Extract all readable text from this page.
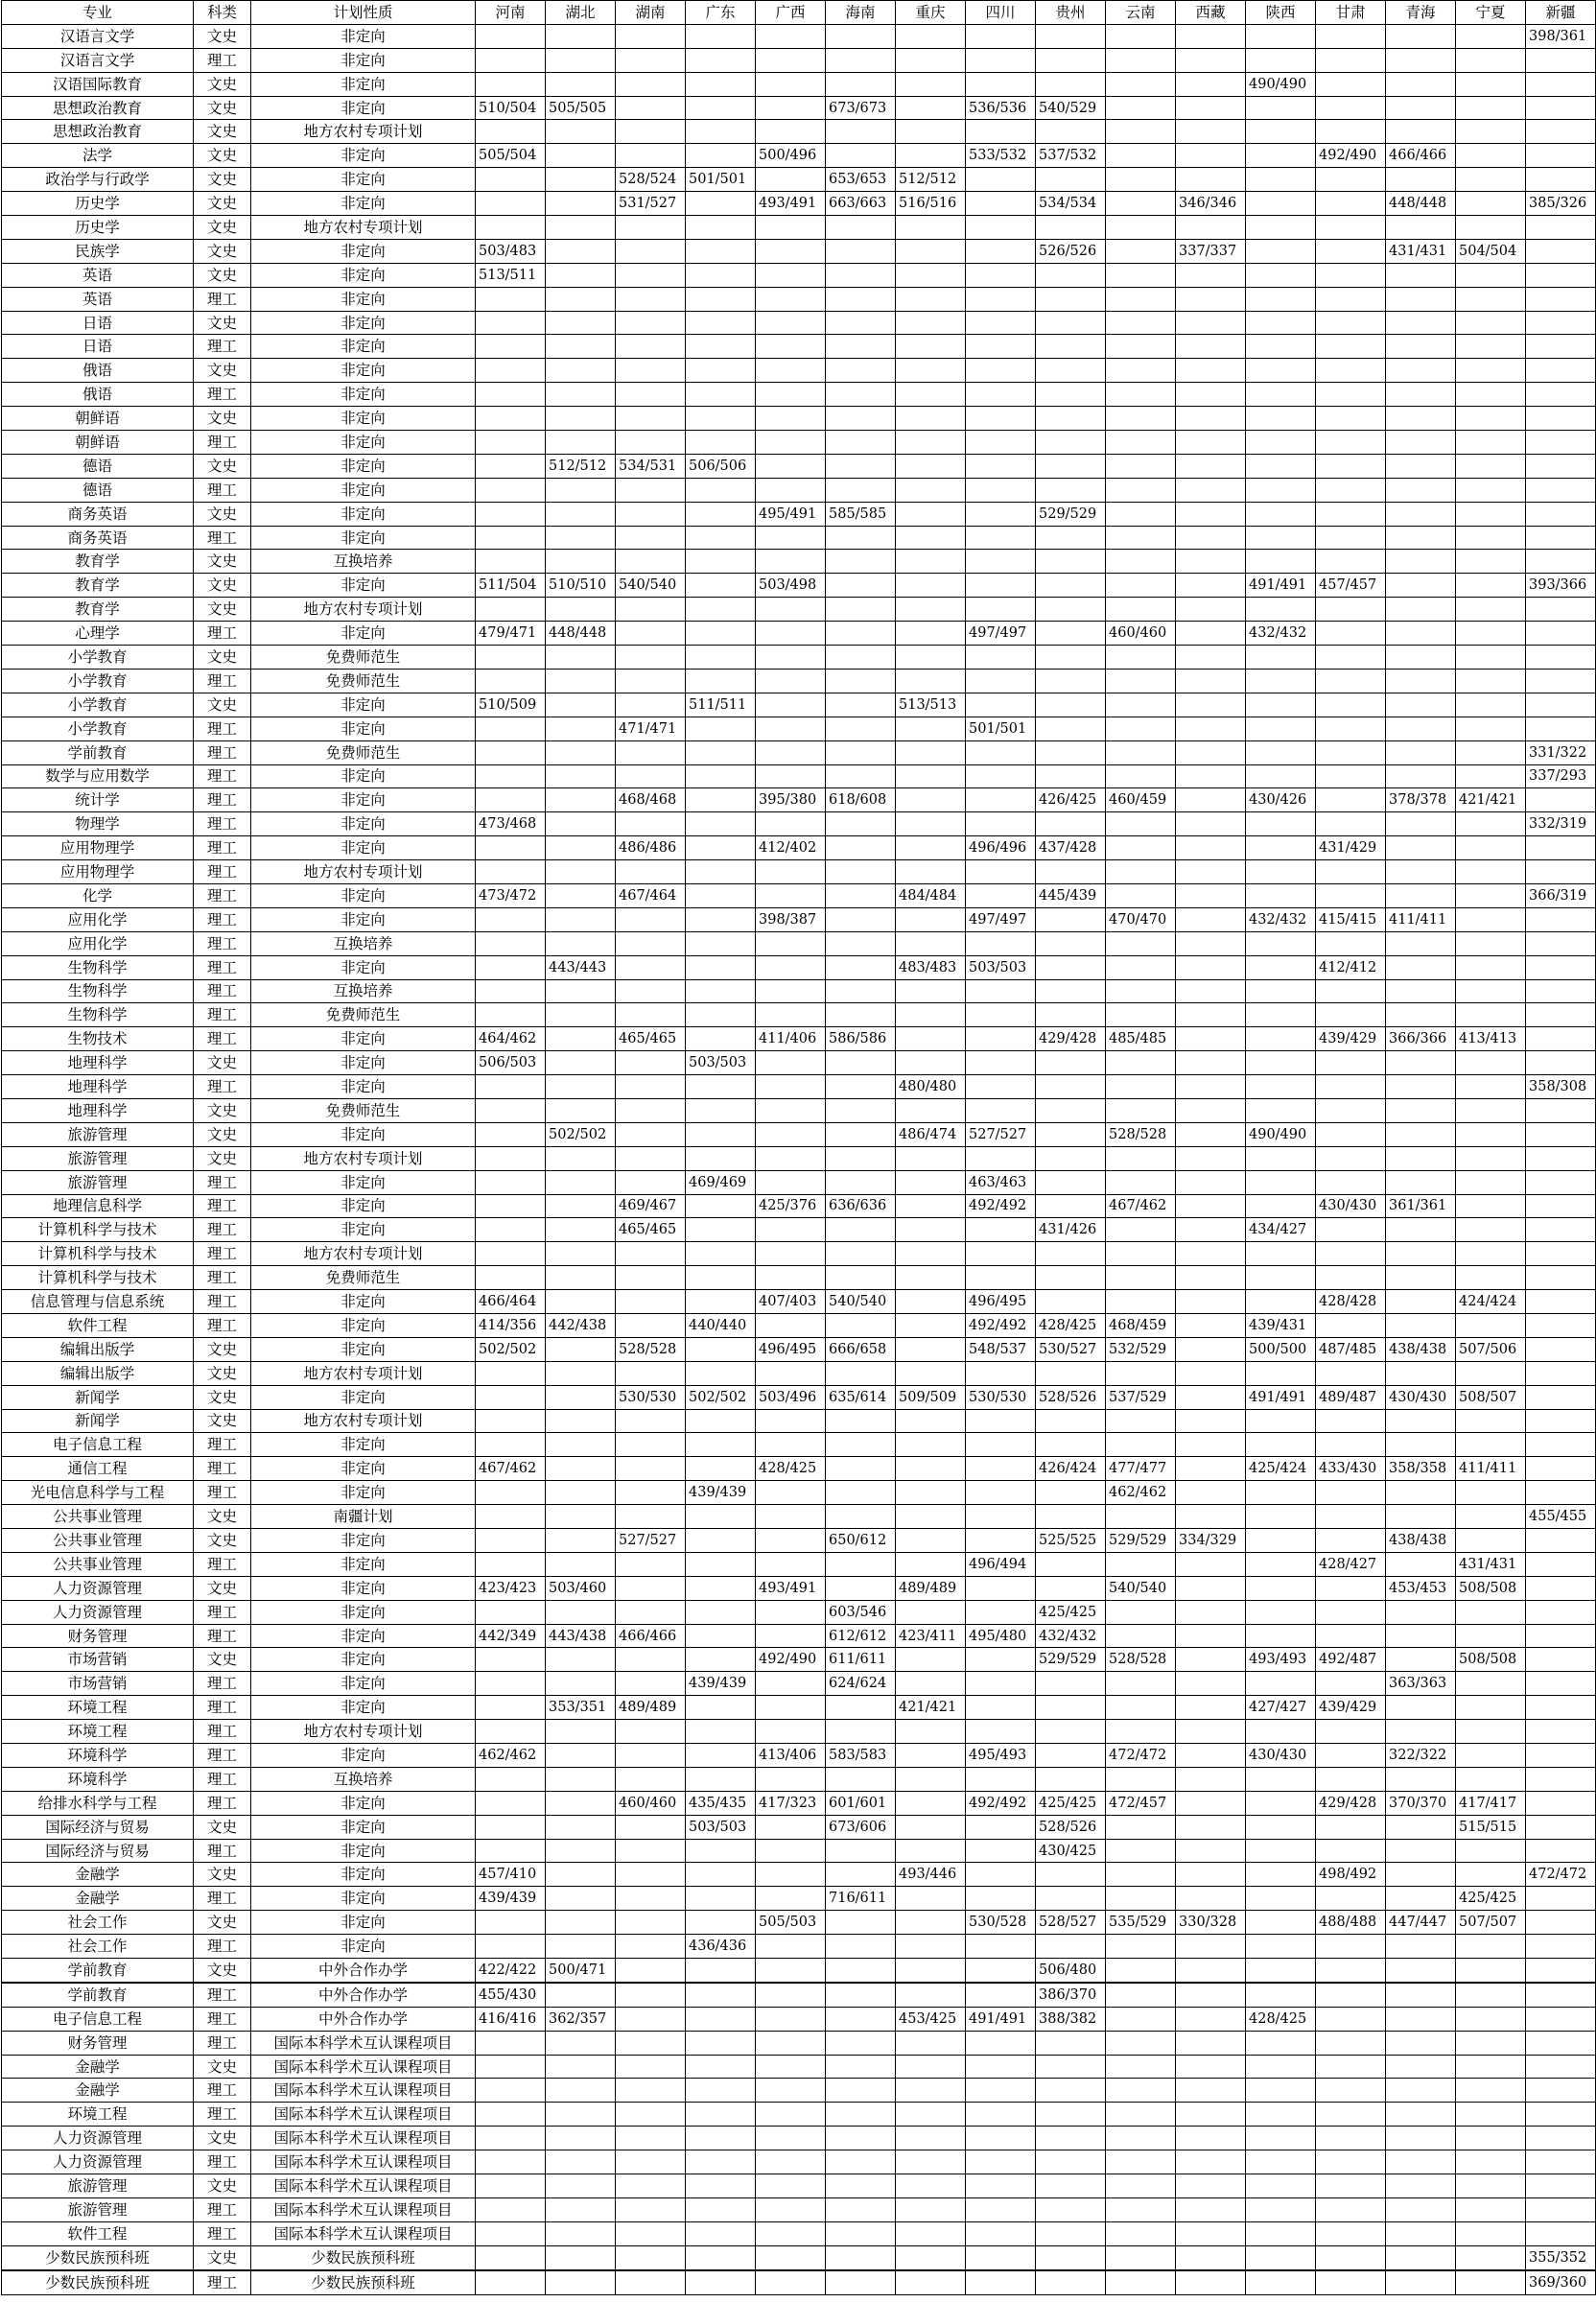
专业	科类	计划性质	河南	湖北	湖南	广东	广西	海南	重庆	四川	贵州	云南	西藏	陕西	甘肃	青海	宁夏	新疆
汉语言文学	文史	非定向																398/361
汉语言文学	理工	非定向																
汉语国际教育	文史	非定向												490/490				
思想政治教育	文史	非定向	510/504	505/505				673/673		536/536	540/529							
思想政治教育	文史	地方农村专项计划																
法学	文史	非定向	505/504				500/496			533/532	537/532				492/490	466/466		
政治学与行政学	文史	非定向			528/524	501/501		653/653	512/512									
历史学	文史	非定向			531/527		493/491	663/663	516/516		534/534		346/346			448/448		385/326
历史学	文史	地方农村专项计划																
民族学	文史	非定向	503/483								526/526		337/337			431/431	504/504	
英语	文史	非定向	513/511															
英语	理工	非定向																
日语	文史	非定向																
日语	理工	非定向																
俄语	文史	非定向																
俄语	理工	非定向																
朝鲜语	文史	非定向																
朝鲜语	理工	非定向																
德语	文史	非定向		512/512	534/531	506/506												
德语	理工	非定向																
商务英语	文史	非定向					495/491	585/585			529/529							
商务英语	理工	非定向																
教育学	文史	互换培养																
教育学	文史	非定向	511/504	510/510	540/540		503/498							491/491	457/457			393/366
教育学	文史	地方农村专项计划																
心理学	理工	非定向	479/471	448/448						497/497		460/460		432/432				
小学教育	文史	免费师范生																
小学教育	理工	免费师范生																
小学教育	文史	非定向	510/509			511/511			513/513									
小学教育	理工	非定向			471/471					501/501								
学前教育	理工	免费师范生																331/322
数学与应用数学	理工	非定向																337/293
统计学	理工	非定向			468/468		395/380	618/608			426/425	460/459		430/426		378/378	421/421	
物理学	理工	非定向	473/468															332/319
应用物理学	理工	非定向			486/486		412/402			496/496	437/428				431/429			
应用物理学	理工	地方农村专项计划																
化学	理工	非定向	473/472		467/464				484/484		445/439							366/319
应用化学	理工	非定向					398/387			497/497		470/470		432/432	415/415	411/411		
应用化学	理工	互换培养																
生物科学	理工	非定向		443/443					483/483	503/503					412/412			
生物科学	理工	互换培养																
生物科学	理工	免费师范生																
生物技术	理工	非定向	464/462		465/465		411/406	586/586			429/428	485/485			439/429	366/366	413/413	
地理科学	文史	非定向	506/503			503/503												
地理科学	理工	非定向							480/480									358/308
地理科学	文史	免费师范生																
旅游管理	文史	非定向		502/502					486/474	527/527		528/528		490/490				
旅游管理	文史	地方农村专项计划																
旅游管理	理工	非定向				469/469				463/463								
地理信息科学	理工	非定向			469/467		425/376	636/636		492/492		467/462			430/430	361/361		
计算机科学与技术	理工	非定向			465/465						431/426			434/427				
计算机科学与技术	理工	地方农村专项计划																
计算机科学与技术	理工	免费师范生																
信息管理与信息系统	理工	非定向	466/464				407/403	540/540		496/495					428/428		424/424	
软件工程	理工	非定向	414/356	442/438		440/440				492/492	428/425	468/459		439/431				
编辑出版学	文史	非定向	502/502		528/528		496/495	666/658		548/537	530/527	532/529		500/500	487/485	438/438	507/506	
编辑出版学	文史	地方农村专项计划																
新闻学	文史	非定向			530/530	502/502	503/496	635/614	509/509	530/530	528/526	537/529		491/491	489/487	430/430	508/507	
新闻学	文史	地方农村专项计划																
电子信息工程	理工	非定向																
通信工程	理工	非定向	467/462				428/425				426/424	477/477		425/424	433/430	358/358	411/411	
光电信息科学与工程	理工	非定向				439/439						462/462						
公共事业管理	文史	南疆计划																455/455
公共事业管理	文史	非定向			527/527			650/612			525/525	529/529	334/329			438/438		
公共事业管理	理工	非定向								496/494					428/427		431/431	
人力资源管理	文史	非定向	423/423	503/460			493/491		489/489			540/540				453/453	508/508	
人力资源管理	理工	非定向						603/546			425/425							
财务管理	理工	非定向	442/349	443/438	466/466			612/612	423/411	495/480	432/432							
市场营销	文史	非定向					492/490	611/611			529/529	528/528		493/493	492/487		508/508	
市场营销	理工	非定向				439/439		624/624								363/363		
环境工程	理工	非定向		353/351	489/489				421/421					427/427	439/429			
环境工程	理工	地方农村专项计划																
环境科学	理工	非定向	462/462				413/406	583/583		495/493		472/472		430/430		322/322		
环境科学	理工	互换培养																
给排水科学与工程	理工	非定向			460/460	435/435	417/323	601/601		492/492	425/425	472/457			429/428	370/370	417/417	
国际经济与贸易	文史	非定向				503/503		673/606			528/526						515/515	
国际经济与贸易	理工	非定向									430/425							
金融学	文史	非定向	457/410						493/446						498/492			472/472
金融学	理工	非定向	439/439					716/611									425/425	
社会工作	文史	非定向					505/503			530/528	528/527	535/529	330/328		488/488	447/447	507/507	
社会工作	理工	非定向				436/436												
学前教育	文史	中外合作办学	422/422	500/471							506/480							
学前教育	理工	中外合作办学	455/430								386/370							
电子信息工程	理工	中外合作办学	416/416	362/357					453/425	491/491	388/382			428/425				
财务管理	理工	国际本科学术互认课程项目																
金融学	文史	国际本科学术互认课程项目																
金融学	理工	国际本科学术互认课程项目																
环境工程	理工	国际本科学术互认课程项目																
人力资源管理	文史	国际本科学术互认课程项目																
人力资源管理	理工	国际本科学术互认课程项目																
旅游管理	文史	国际本科学术互认课程项目																
旅游管理	理工	国际本科学术互认课程项目																
软件工程	理工	国际本科学术互认课程项目																
少数民族预科班	文史	少数民族预科班																355/352
少数民族预科班	理工	少数民族预科班																369/360
